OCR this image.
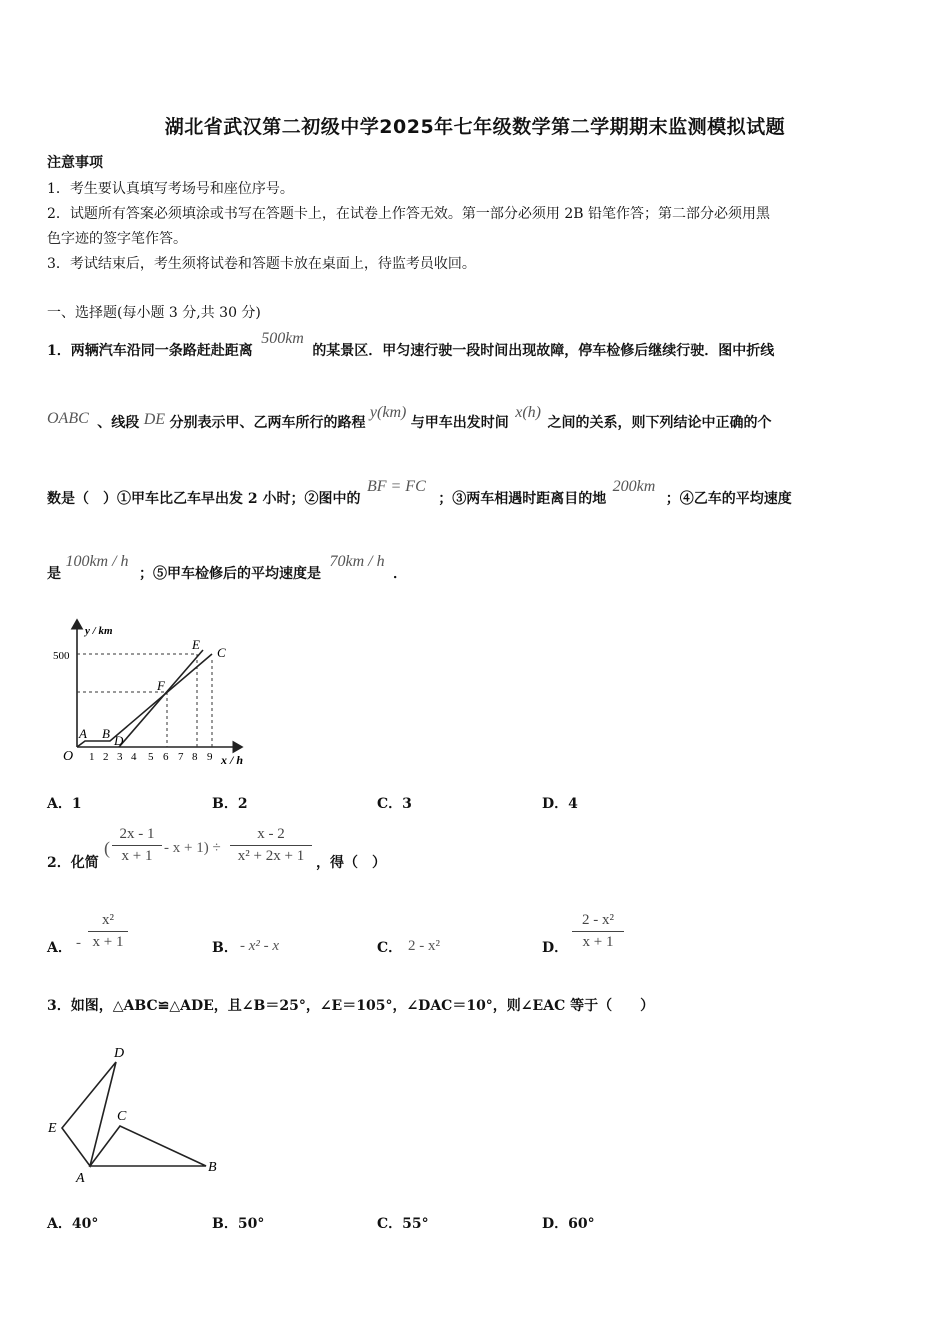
湖北省武汉第二初级中学2025年七年级数学第二学期期末监测模拟试题
注意事项
1．考生要认真填写考场号和座位序号。
2．试题所有答案必须填涂或书写在答题卡上，在试卷上作答无效。第一部分必须用 2B 铅笔作答；第二部分必须用黑
色字迹的签字笔作答。
3．考试结束后，考生须将试卷和答题卡放在桌面上，待监考员收回。
一、选择题(每小题 3 分,共 30 分)
1．两辆汽车沿同一条路赶赴距离 500km 的某景区．甲匀速行驶一段时间出现故障，停车检修后继续行驶．图中折线
OABC 、线段 DE 分别表示甲、乙两车所行的路程 y(km) 与甲车出发时间 x(h) 之间的关系，则下列结论中正确的个
数是（　）①甲车比乙车早出发 2 小时；②图中的 BF = FC ；③两车相遇时距离目的地 200km ；④乙车的平均速度
是 100km / h ；⑤甲车检修后的平均速度是 70km / h ．
y / km
x / h
O
500
1 2 3 4 5 6 7 8 9
A B D
F
E
C
A．1	B．2	C．3	D．4
2．化简
(
2x - 1
x + 1 - x + 1) ÷
x - 2
x² + 2x + 1 ，得（　）
A． -
x²
x + 1	B． - x² - x	C． 2 - x²	D．
2 - x²
x + 1
3．如图，△ABC≌△ADE，且∠B＝25°，∠E＝105°，∠DAC＝10°，则∠EAC 等于（　　）
D
E
C
A
B
A．40°	B．50°	C．55°	D．60°
